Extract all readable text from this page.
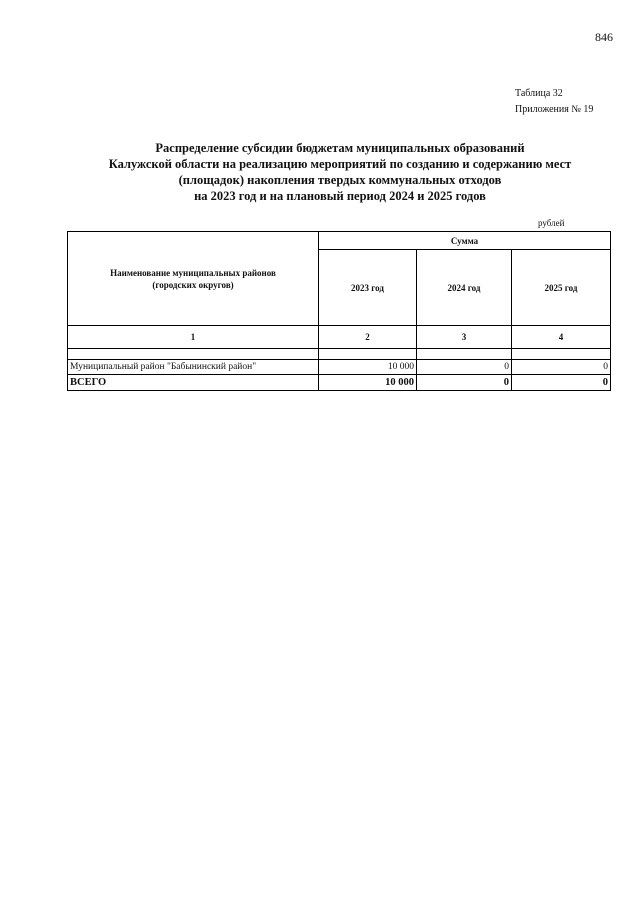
846
Таблица 32
Приложения № 19
Распределение субсидии бюджетам муниципальных образований
Калужской области на реализацию мероприятий по созданию и содержанию мест
(площадок) накопления твердых коммунальных отходов
на 2023 год и на плановый период 2024 и 2025 годов
рублей
Наименование муниципальных районов
(городских округов)	Сумма		
	2023 год	2024 год	2025 год
1	2	3	4

Муниципальный район "Бабынинский район"	10 000	0	0
ВСЕГО	10 000	0	0
